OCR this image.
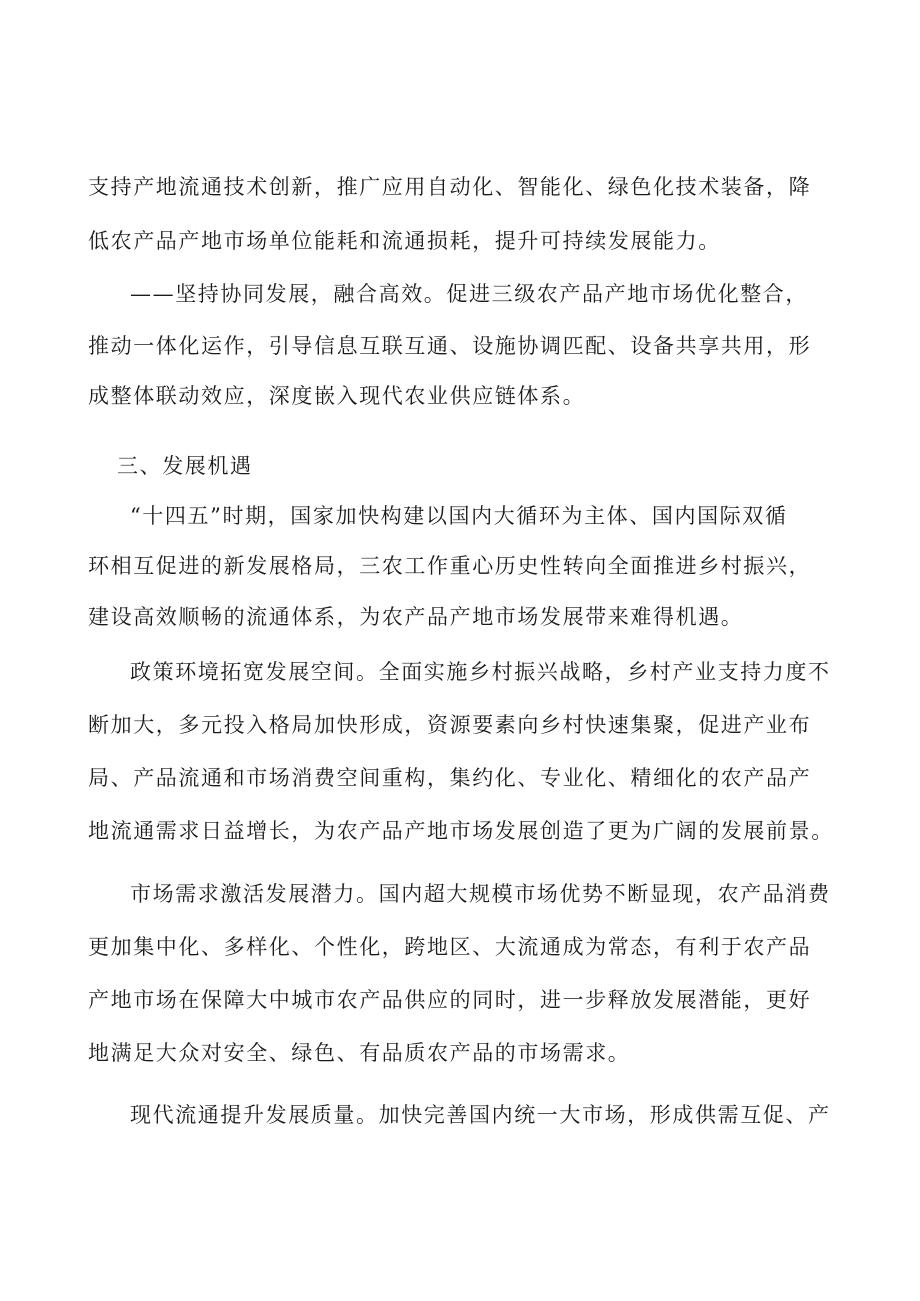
支持产地流通技术创新，推广应用自动化、智能化、绿色化技术装备，降
低农产品产地市场单位能耗和流通损耗，提升可持续发展能力。
——坚持协同发展，融合高效。促进三级农产品产地市场优化整合，
推动一体化运作，引导信息互联互通、设施协调匹配、设备共享共用，形
成整体联动效应，深度嵌入现代农业供应链体系。
三、发展机遇
“十四五”时期，国家加快构建以国内大循环为主体、国内国际双循
环相互促进的新发展格局，三农工作重心历史性转向全面推进乡村振兴，
建设高效顺畅的流通体系，为农产品产地市场发展带来难得机遇。
政策环境拓宽发展空间。全面实施乡村振兴战略，乡村产业支持力度不
断加大，多元投入格局加快形成，资源要素向乡村快速集聚，促进产业布
局、产品流通和市场消费空间重构，集约化、专业化、精细化的农产品产
地流通需求日益增长，为农产品产地市场发展创造了更为广阔的发展前景。
市场需求激活发展潜力。国内超大规模市场优势不断显现，农产品消费
更加集中化、多样化、个性化，跨地区、大流通成为常态，有利于农产品
产地市场在保障大中城市农产品供应的同时，进一步释放发展潜能，更好
地满足大众对安全、绿色、有品质农产品的市场需求。
现代流通提升发展质量。加快完善国内统一大市场，形成供需互促、产
